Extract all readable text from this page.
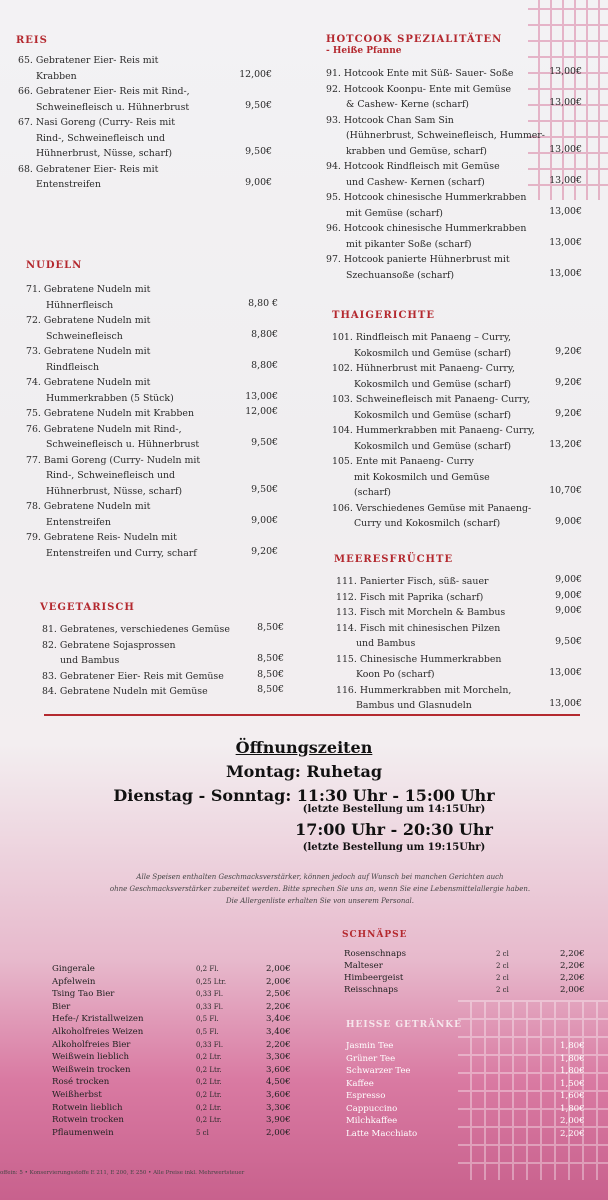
REIS
65. Gebratener Eier- Reis mit
Krabben	12,00€
66. Gebratener Eier- Reis mit Rind-,
Schweinefleisch u. Hühnerbrust	9,50€
67. Nasi Goreng (Curry- Reis mit
Rind-, Schweinefleisch und
Hühnerbrust, Nüsse, scharf)	9,50€
68. Gebratener Eier- Reis mit
Entenstreifen	9,00€
NUDELN
71. Gebratene Nudeln mit
Hühnerfleisch	8,80 €
72. Gebratene Nudeln mit
Schweinefleisch	8,80€
73. Gebratene Nudeln mit
Rindfleisch	8,80€
74. Gebratene Nudeln mit
Hummerkrabben (5 Stück)	13,00€
75. Gebratene Nudeln mit Krabben	12,00€
76. Gebratene Nudeln mit Rind-,
Schweinefleisch u. Hühnerbrust	9,50€
77. Bami Goreng (Curry- Nudeln mit
Rind-, Schweinefleisch und
Hühnerbrust, Nüsse, scharf)	9,50€
78. Gebratene Nudeln mit
Entenstreifen	9,00€
79. Gebratene Reis- Nudeln mit
Entenstreifen und Curry, scharf	9,20€
VEGETARISCH
81. Gebratenes, verschiedenes Gemüse	8,50€
82. Gebratene Sojasprossen
und Bambus	8,50€
83. Gebratener Eier- Reis mit Gemüse	8,50€
84. Gebratene Nudeln mit Gemüse	8,50€
HOTCOOK SPEZIALITÄTEN
- Heiße Pfanne
91. Hotcook Ente mit Süß- Sauer- Soße	13,00€
92. Hotcook Koonpu- Ente mit Gemüse
& Cashew- Kerne (scharf)	13,00€
93. Hotcook Chan Sam Sin
(Hühnerbrust, Schweinefleisch, Hummer-
krabben und Gemüse, scharf)	13,00€
94. Hotcook Rindfleisch mit Gemüse
und Cashew- Kernen (scharf)	13,00€
95. Hotcook chinesische Hummerkrabben
mit Gemüse (scharf)	13,00€
96. Hotcook chinesische Hummerkrabben
mit pikanter Soße (scharf)	13,00€
97. Hotcook panierte Hühnerbrust mit
Szechuansoße (scharf)	13,00€
THAIGERICHTE
101. Rindfleisch mit Panaeng – Curry,
Kokosmilch und Gemüse (scharf)	9,20€
102. Hühnerbrust mit Panaeng- Curry,
Kokosmilch und Gemüse (scharf)	9,20€
103. Schweinefleisch mit Panaeng- Curry,
Kokosmilch und Gemüse (scharf)	9,20€
104. Hummerkrabben mit Panaeng- Curry,
Kokosmilch und Gemüse (scharf)	13,20€
105. Ente mit Panaeng- Curry
mit Kokosmilch und Gemüse
(scharf)	10,70€
106. Verschiedenes Gemüse mit Panaeng-
Curry und Kokosmilch (scharf)	9,00€
MEERESFRÜCHTE
111. Panierter Fisch, süß- sauer	9,00€
112. Fisch mit Paprika (scharf)	9,00€
113. Fisch mit Morcheln & Bambus	9,00€
114. Fisch mit chinesischen Pilzen
und Bambus	9,50€
115. Chinesische Hummerkrabben
Koon Po (scharf)	13,00€
116. Hummerkrabben mit Morcheln,
Bambus und Glasnudeln	13,00€
Öffnungszeiten
Montag: Ruhetag
Dienstag - Sonntag: 11:30 Uhr - 15:00 Uhr
(letzte Bestellung um 14:15Uhr)
17:00 Uhr - 20:30 Uhr
(letzte Bestellung um 19:15Uhr)
Alle Speisen enthalten Geschmacksverstärker, können jedoch auf Wunsch bei manchen Gerichten auch
ohne Geschmacksverstärker zubereitet werden. Bitte sprechen Sie uns an, wenn Sie eine Lebensmittelallergie haben.
Die Allergenliste erhalten Sie von unserem Personal.
Gingerale	0,2 Fl.	2,00€
Apfelwein	0,25 Ltr.	2,00€
Tsing Tao Bier	0,33 Fl.	2,50€
Bier	0,33 Fl.	2,20€
Hefe-/ Kristallweizen	0,5 Fl.	3,40€
Alkoholfreies Weizen	0,5 Fl.	3,40€
Alkoholfreies Bier	0,33 Fl.	2,20€
Weißwein lieblich	0,2 Ltr.	3,30€
Weißwein trocken	0,2 Ltr.	3,60€
Rosé trocken	0,2 Ltr.	4,50€
Weißherbst	0,2 Ltr.	3,60€
Rotwein lieblich	0,2 Ltr.	3,30€
Rotwein trocken	0,2 Ltr.	3,90€
Pflaumenwein	5 cl	2,00€
SCHNÄPSE
Rosenschnaps	2 cl	2,20€
Malteser	2 cl	2,20€
Himbeergeist	2 cl	2,20€
Reisschnaps	2 cl	2,00€
HEISSE GETRÄNKE
Jasmin Tee	1,80€
Grüner Tee	1,80€
Schwarzer Tee	1,80€
Kaffee	1,50€
Espresso	1,60€
Cappuccino	1,80€
Milchkaffee	2,00€
Latte Macchiato	2,20€
offein: 5 • Konservierungsstoffe E 211, E 200, E 250 • Alle Preise inkl. Mehrwertsteuer
